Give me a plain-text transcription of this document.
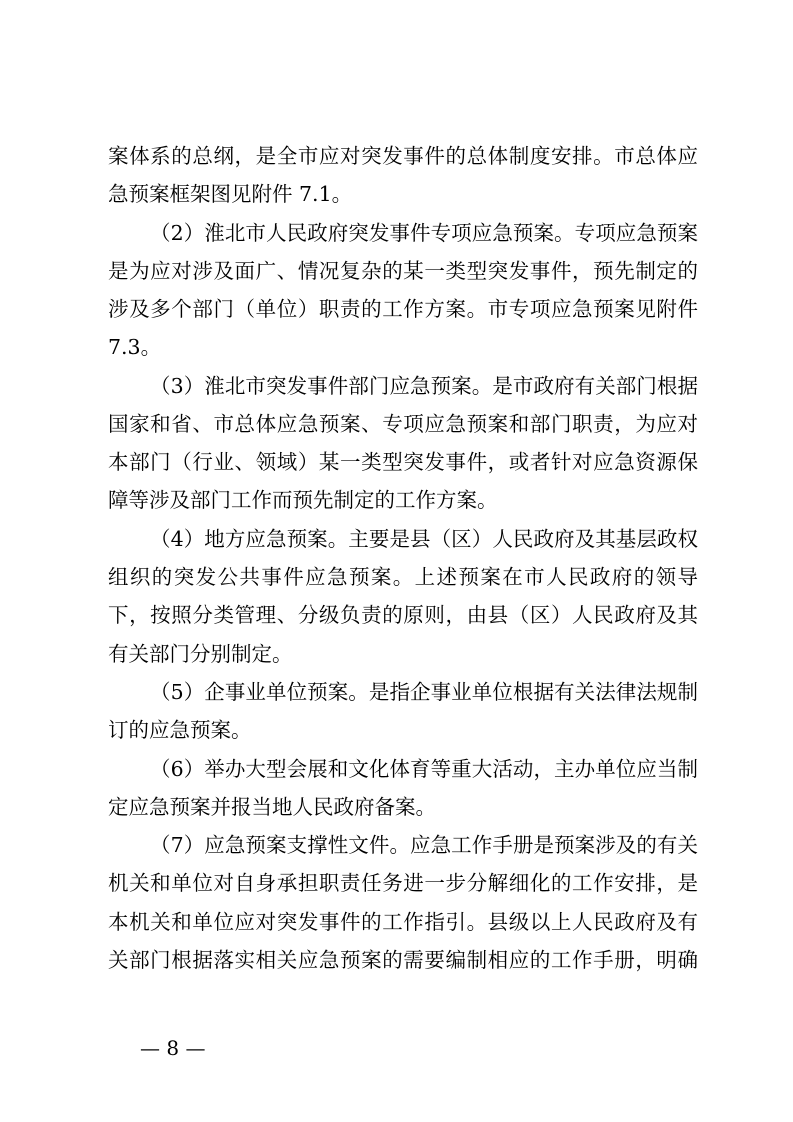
案体系的总纲，是全市应对突发事件的总体制度安排。市总体应
急预案框架图见附件 7.1。
（2）淮北市人民政府突发事件专项应急预案。专项应急预案
是为应对涉及面广、情况复杂的某一类型突发事件，预先制定的
涉及多个部门（单位）职责的工作方案。市专项应急预案见附件
7.3。
（3）淮北市突发事件部门应急预案。是市政府有关部门根据
国家和省、市总体应急预案、专项应急预案和部门职责，为应对
本部门（行业、领域）某一类型突发事件，或者针对应急资源保
障等涉及部门工作而预先制定的工作方案。
（4）地方应急预案。主要是县（区）人民政府及其基层政权
组织的突发公共事件应急预案。上述预案在市人民政府的领导
下，按照分类管理、分级负责的原则，由县（区）人民政府及其
有关部门分别制定。
（5）企事业单位预案。是指企事业单位根据有关法律法规制
订的应急预案。
（6）举办大型会展和文化体育等重大活动，主办单位应当制
定应急预案并报当地人民政府备案。
（7）应急预案支撑性文件。应急工作手册是预案涉及的有关
机关和单位对自身承担职责任务进一步分解细化的工作安排，是
本机关和单位应对突发事件的工作指引。县级以上人民政府及有
关部门根据落实相关应急预案的需要编制相应的工作手册，明确
— 8 —
